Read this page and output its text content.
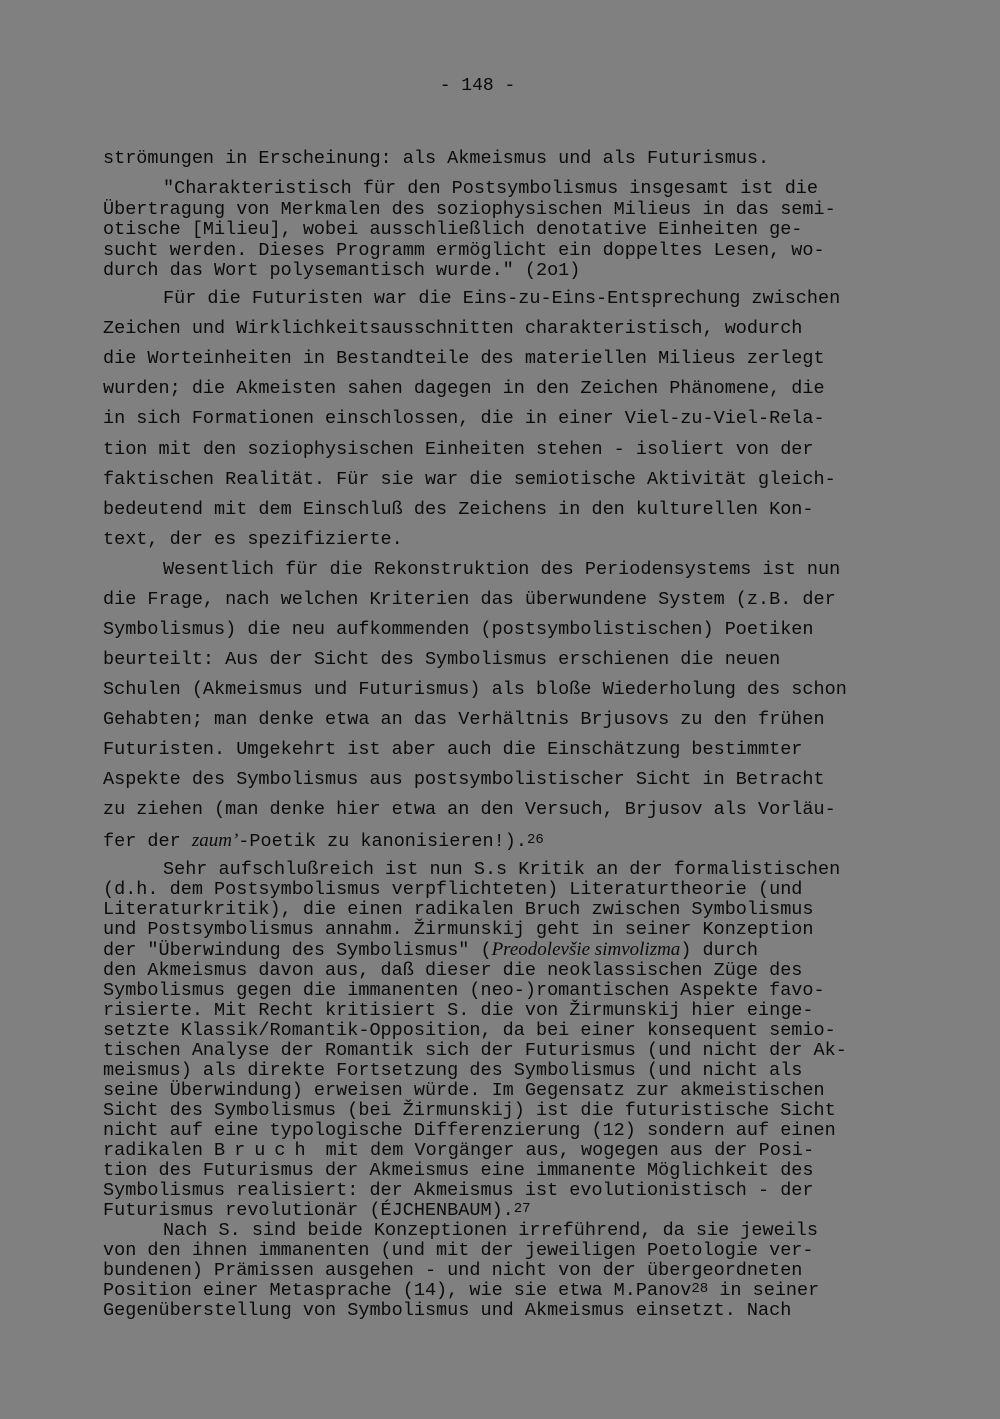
- 148 -

strömungen in Erscheinung: als Akmeismus und als Futurismus.

"Charakteristisch für den Postsymbolismus insgesamt ist die

Übertragung von Merkmalen des soziophysischen Milieus in das semi-

otische [Milieu], wobei ausschließlich denotative Einheiten ge-

sucht werden. Dieses Programm ermöglicht ein doppeltes Lesen, wo-

durch das Wort polysemantisch wurde." (2o1)

Für die Futuristen war die Eins-zu-Eins-Entsprechung zwischen

Zeichen und Wirklichkeitsausschnitten charakteristisch, wodurch

die Worteinheiten in Bestandteile des materiellen Milieus zerlegt

wurden; die Akmeisten sahen dagegen in den Zeichen Phänomene, die

in sich Formationen einschlossen, die in einer Viel-zu-Viel-Rela-

tion mit den soziophysischen Einheiten stehen - isoliert von der

faktischen Realität. Für sie war die semiotische Aktivität gleich-

bedeutend mit dem Einschluß des Zeichens in den kulturellen Kon-

text, der es spezifizierte.

Wesentlich für die Rekonstruktion des Periodensystems ist nun

die Frage, nach welchen Kriterien das überwundene System (z.B. der

Symbolismus) die neu aufkommenden (postsymbolistischen) Poetiken

beurteilt: Aus der Sicht des Symbolismus erschienen die neuen

Schulen (Akmeismus und Futurismus) als bloße Wiederholung des schon

Gehabten; man denke etwa an das Verhältnis Brjusovs zu den frühen

Futuristen. Umgekehrt ist aber auch die Einschätzung bestimmter

Aspekte des Symbolismus aus postsymbolistischer Sicht in Betracht

zu ziehen (man denke hier etwa an den Versuch, Brjusov als Vorläu-

fer der zaum’-Poetik zu kanonisieren!).$^{26}$

Sehr aufschlußreich ist nun S.s Kritik an der formalistischen

(d.h. dem Postsymbolismus verpflichteten) Literaturtheorie (und

Literaturkritik), die einen radikalen Bruch zwischen Symbolismus

und Postsymbolismus annahm. Žirmunskij geht in seiner Konzeption

der "Überwindung des Symbolismus" (Preodolevšie simvolizma) durch

den Akmeismus davon aus, daß dieser die neoklassischen Züge des

Symbolismus gegen die immanenten (neo-)romantischen Aspekte favo-

risierte. Mit Recht kritisiert S. die von Žirmunskij hier einge-

setzte Klassik/Romantik-Opposition, da bei einer konsequent semio-

tischen Analyse der Romantik sich der Futurismus (und nicht der Ak-

meismus) als direkte Fortsetzung des Symbolismus (und nicht als

seine Überwindung) erweisen würde. Im Gegensatz zur akmeistischen

Sicht des Symbolismus (bei Žirmunskij) ist die futuristische Sicht

nicht auf eine typologische Differenzierung (12) sondern auf einen

radikalen Bruch mit dem Vorgänger aus, wogegen aus der Posi-

tion des Futurismus der Akmeismus eine immanente Möglichkeit des

Symbolismus realisiert: der Akmeismus ist evolutionistisch - der

Futurismus revolutionär (ÉJCHENBAUM).$^{27}$

Nach S. sind beide Konzeptionen irreführend, da sie jeweils

von den ihnen immanenten (und mit der jeweiligen Poetologie ver-

bundenen) Prämissen ausgehen - und nicht von der übergeordneten

Position einer Metasprache (14), wie sie etwa M.Panov$^{28}$ in seiner

Gegenüberstellung von Symbolismus und Akmeismus einsetzt. Nach
